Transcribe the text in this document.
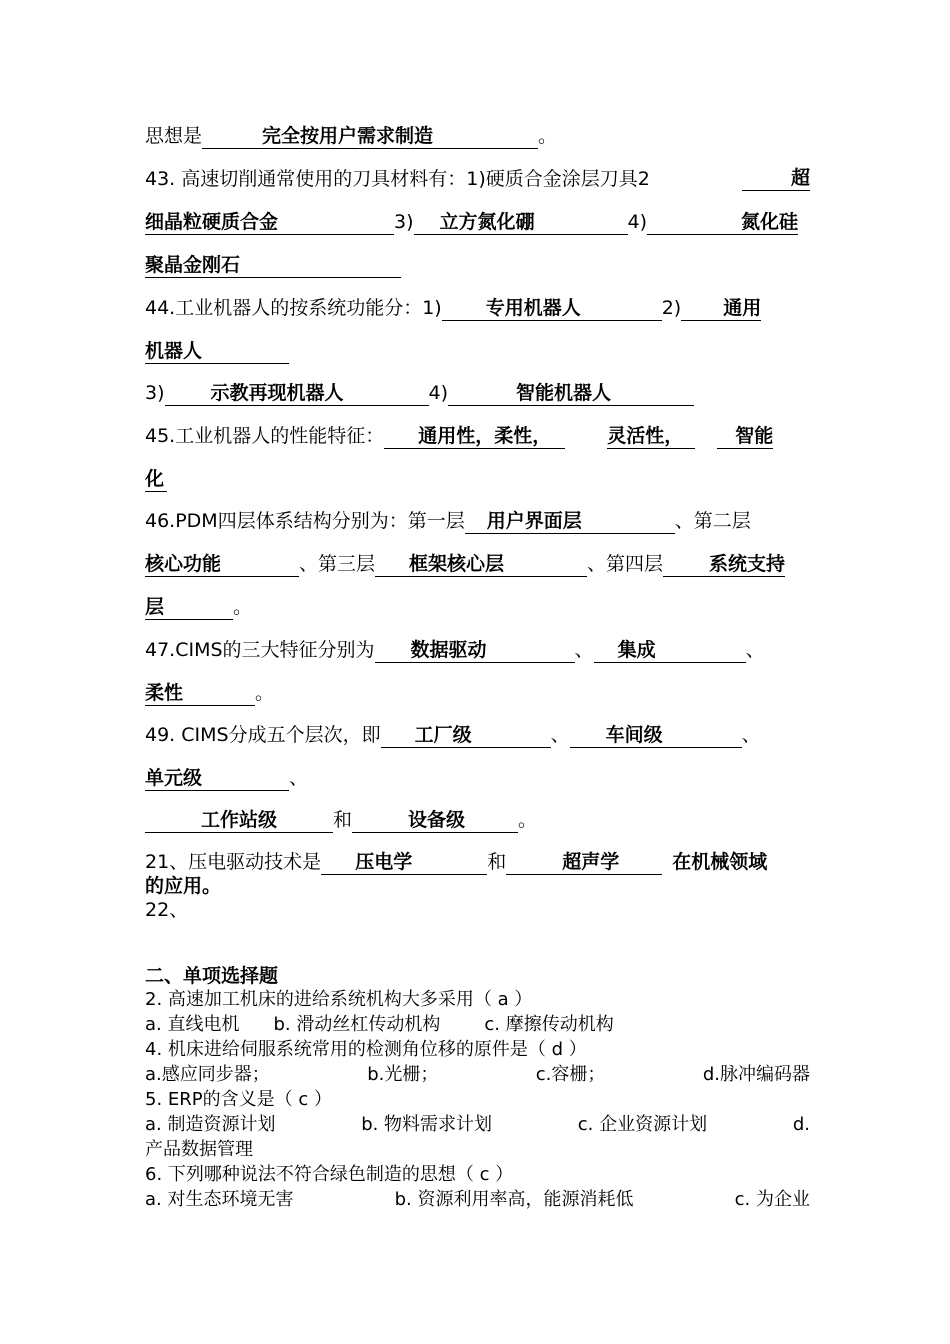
思想是	完全按用户需求制造	。
43. 高速切削通常使用的刀具材料有：1)硬质合金涂层刀具2	超
细晶粒硬质合金	3) 立方氮化硼	4)	氮化硅
聚晶金刚石
44.工业机器人的按系统功能分：1) 专用机器人	2) 通用
机器人
3) 示教再现机器人	4)	智能机器人
45.工业机器人的性能特征： 通用性，柔性，	灵活性，	智能
化
46.PDM四层体系结构分别为：第一层 用户界面层	、第二层
核心功能	、第三层 框架核心层	、第四层 系统支持
层	。
47.CIMS的三大特征分别为 数据驱动	、 集成	、
柔性	。
49. CIMS分成五个层次，即 工厂级	、 车间级	、
单元级	、
工作站级	和	设备级	。
21、压电驱动技术是 压电学	和	超声学	在机械领域
的应用。
22、
二、单项选择题
2. 高速加工机床的进给系统机构大多采用（ a ）
a. 直线电机 b. 滑动丝杠传动机构 c. 摩擦传动机构
4. 机床进给伺服系统常用的检测角位移的原件是（ d ）
a.感应同步器；	b.光栅；	c.容栅；	d.脉冲编码器
5. ERP的含义是（ c ）
a. 制造资源计划	b. 物料需求计划	c. 企业资源计划	d.
产品数据管理
6. 下列哪种说法不符合绿色制造的思想（ c ）
a. 对生态环境无害	b. 资源利用率高，能源消耗低	c. 为企业
